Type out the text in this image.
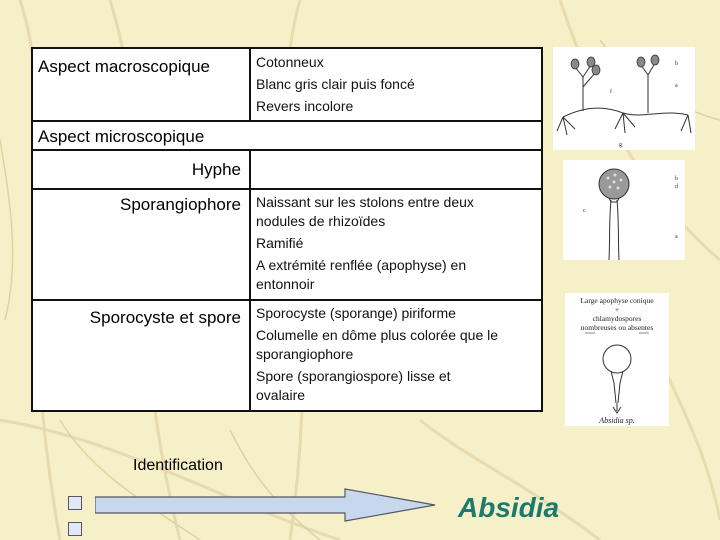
Aspect macroscopique	Cotonneux
Blanc gris clair puis foncé
Revers incolore
Aspect microscopique
Hyphe
Sporangiophore Naissant sur les stolons entre deux
nodules de rhizoïdes
Ramifié
A extrémité renflée (apophyse) en
entonnoir
Sporocyste et spore Sporocyste (sporange) piriforme
Columelle en dôme plus colorée que le
sporangiophore
Spore (sporangiospore) lisse et
ovalaire
b
a
f
g
b
d
c
a
Large apophyse conique
+
chlamydospores
nombreuses ou absentes
Absidia sp.
Identification
Absidia
